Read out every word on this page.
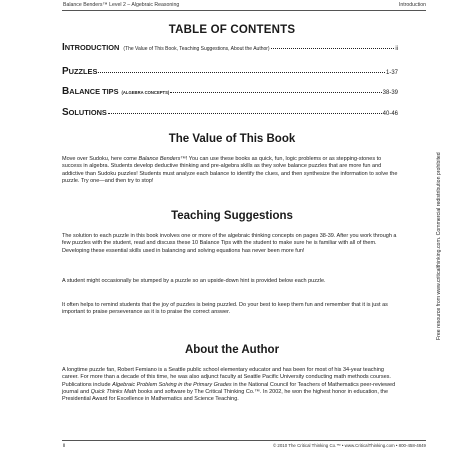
Balance Benders™ Level 2 – Algebraic Reasoning	Introduction
TABLE OF CONTENTS
I NTRODUCTION (The Value of This Book, Teaching Suggestions, About the Author)	ii
P UZZLES	1-37
B ALANCE TIPS (ALGEBRA CONCEPTS)	38-39
S OLUTIONS	40-46
The Value of This Book

Move over Sudoku, here come Balance Benders™! You can use these books as quick, fun, logic problems or as stepping-stones to success in algebra. Students develop deductive thinking and pre-algebra skills as they solve balance puzzles that are more fun and addictive than Sudoku puzzles! Students must analyze each balance to identify the clues, and then synthesize the information to solve the puzzle. Try one—and then try to stop!

Teaching Suggestions

The solution to each puzzle in this book involves one or more of the algebraic thinking concepts on pages 38-39. After you work through a few puzzles with the student, read and discuss these 10 Balance Tips with the student to make sure he is familiar with all of them. Developing these essential skills used in balancing and solving equations has never been more fun!

A student might occasionally be stumped by a puzzle so an upside-down hint is provided below each puzzle.

It often helps to remind students that the joy of puzzles is being puzzled. Do your best to keep them fun and remember that it is just as important to praise perseverance as it is to praise the correct answer.

About the Author

A longtime puzzle fan, Robert Femiano is a Seattle public school elementary educator and has been for most of his 34-year teaching career. For more than a decade of this time, he was also adjunct faculty at Seattle Pacific University conducting math methods courses. Publications include Algebraic Problem Solving in the Primary Grades in the National Council for Teachers of Mathematics peer-reviewed journal and Quick Thinks Math books and software by The Critical Thinking Co.™. In 2002, he won the highest honor in education, the Presidential Award for Excellence in Mathematics and Science Teaching.

Free resource from www.criticalthinking.com. Commercial redistribution prohibited
ii	© 2010 The Critical Thinking Co.™ • www.CriticalThinking.com • 800-458-4849
